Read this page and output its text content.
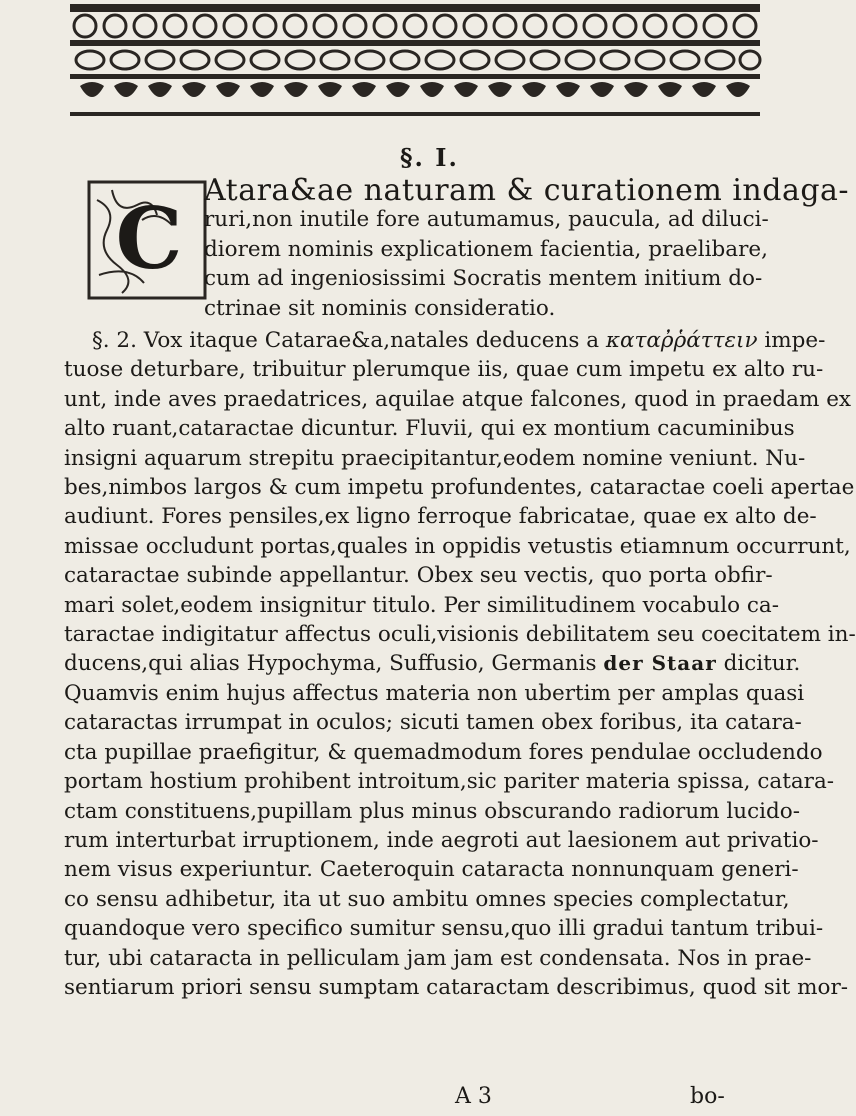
§. I.
C Atara&ae naturam & curationem indaga-
ruri,non inutile fore autumamus, paucula, ad diluci-
diorem nominis explicationem facientia, praelibare,
cum ad ingeniosissimi Socratis mentem initium do-
ctrinae sit nominis consideratio.
§. 2. Vox itaque Catarae&a,natales deducens a καταῤῥάττειν impe-
tuose deturbare, tribuitur plerumque iis, quae cum impetu ex alto ru-
unt, inde aves praedatrices, aquilae atque falcones, quod in praedam ex
alto ruant,cataractae dicuntur. Fluvii, qui ex montium cacuminibus
insigni aquarum strepitu praecipitantur,eodem nomine veniunt. Nu-
bes,nimbos largos & cum impetu profundentes, cataractae coeli apertae
audiunt. Fores pensiles,ex ligno ferroque fabricatae, quae ex alto de-
missae occludunt portas,quales in oppidis vetustis etiamnum occurrunt,
cataractae subinde appellantur. Obex seu vectis, quo porta obfir-
mari solet,eodem insignitur titulo. Per similitudinem vocabulo ca-
taractae indigitatur affectus oculi,visionis debilitatem seu coecitatem in-
ducens,qui alias Hypochyma, Suffusio, Germanis der Staar dicitur.
Quamvis enim hujus affectus materia non ubertim per amplas quasi
cataractas irrumpat in oculos; sicuti tamen obex foribus, ita catara-
cta pupillae praefigitur, & quemadmodum fores pendulae occludendo
portam hostium prohibent introitum,sic pariter materia spissa, catara-
ctam constituens,pupillam plus minus obscurando radiorum lucido-
rum interturbat irruptionem, inde aegroti aut laesionem aut privatio-
nem visus experiuntur. Caeteroquin cataracta nonnunquam generi-
co sensu adhibetur, ita ut suo ambitu omnes species complectatur,
quandoque vero specifico sumitur sensu,quo illi gradui tantum tribui-
tur, ubi cataracta in pelliculam jam jam est condensata. Nos in prae-
sentiarum priori sensu sumptam cataractam describimus, quod sit mor-
A 3	bo-
